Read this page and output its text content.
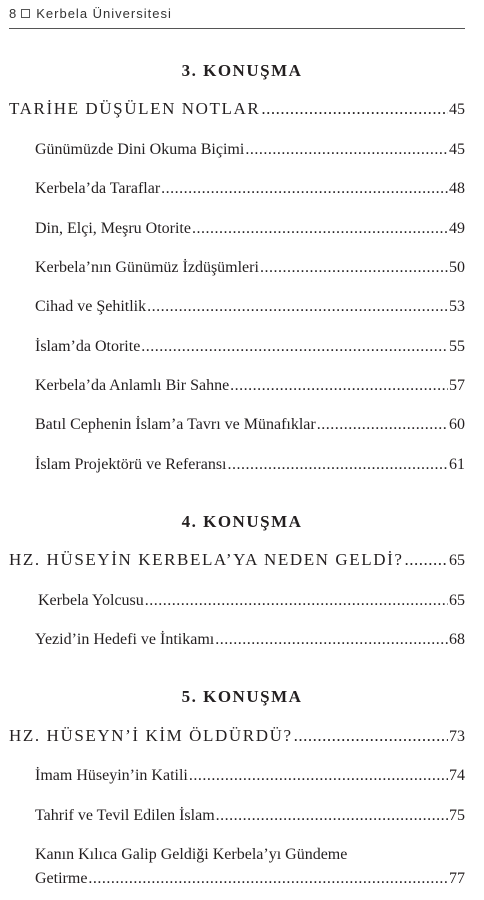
8 Kerbela Üniversitesi
3. KONUŞMA
TARİHE DÜŞÜLEN NOTLAR .....	45
Günümüzde Dini Okuma Biçimi .....	45
Kerbela’da Taraflar .....	48
Din, Elçi, Meşru Otorite .....	49
Kerbela’nın Günümüz İzdüşümleri .....	50
Cihad ve Şehitlik .....	53
İslam’da Otorite .....	55
Kerbela’da Anlamlı Bir Sahne .....	57
Batıl Cephenin İslam’a Tavrı ve Münafıklar .....	60
İslam Projektörü ve Referansı .....	61
4. KONUŞMA
HZ. HÜSEYİN KERBELA’YA NEDEN GELDİ? .....	65
Kerbela Yolcusu .....	65
Yezid’in Hedefi ve İntikamı .....	68
5. KONUŞMA
HZ. HÜSEYN’İ KİM ÖLDÜRDÜ? .....	73
İmam Hüseyin’in Katili .....	74
Tahrif ve Tevil Edilen İslam .....	75
Kanın Kılıca Galip Geldiği Kerbela’yı Gündeme
Getirme .....	77
